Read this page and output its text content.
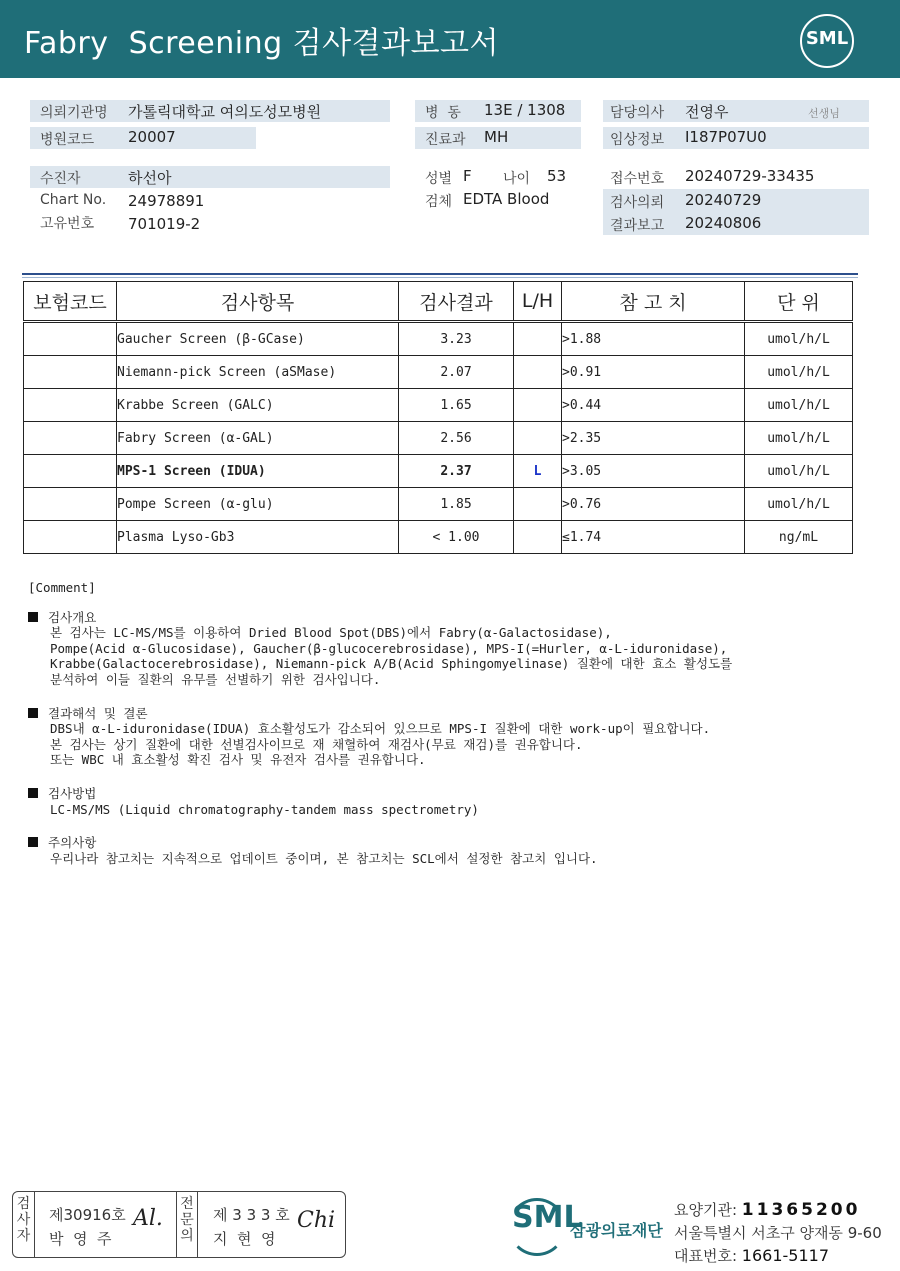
Fabry  Screening 검사결과보고서	SML
의뢰기관명 가톨릭대학교 여의도성모병원
병원코드 20007
병  동 13E / 1308
진료과 MH
담당의사 전영우	선생님
임상정보 I187P07U0
수진자	하선아
Chart No. 24978891
고유번호 701019-2
성별 F 나이 53
검체 EDTA Blood
접수번호 20240729-33435
검사의뢰 20240729
결과보고 20240806
보험코드	검사항목	검사결과	L/H	참 고 치	단 위
	Gaucher Screen (β-GCase)	3.23		>1.88	umol/h/L
	Niemann-pick Screen (aSMase)	2.07		>0.91	umol/h/L
	Krabbe Screen (GALC)	1.65		>0.44	umol/h/L
	Fabry Screen (α-GAL)	2.56		>2.35	umol/h/L
	MPS-1 Screen (IDUA)	2.37	L	>3.05	umol/h/L
	Pompe Screen (α-glu)	1.85		>0.76	umol/h/L
	Plasma Lyso-Gb3	< 1.00		≤1.74	ng/mL
[Comment]
검사개요
본 검사는 LC-MS/MS를 이용하여 Dried Blood Spot(DBS)에서 Fabry(α-Galactosidase),
Pompe(Acid α-Glucosidase), Gaucher(β-glucocerebrosidase), MPS-I(=Hurler, α-L-iduronidase),
Krabbe(Galactocerebrosidase), Niemann-pick A/B(Acid Sphingomyelinase) 질환에 대한 효소 활성도를
분석하여 이들 질환의 유무를 선별하기 위한 검사입니다.
결과해석 및 결론
DBS내 α-L-iduronidase(IDUA) 효소활성도가 감소되어 있으므로 MPS-I 질환에 대한 work-up이 필요합니다.
본 검사는 상기 질환에 대한 선별검사이므로 재 채혈하여 재검사(무료 재검)를 권유합니다.
또는 WBC 내 효소활성 확진 검사 및 유전자 검사를 권유합니다.
검사방법
LC-MS/MS (Liquid chromatography-tandem mass spectrometry)
주의사항
우리나라 참고치는 지속적으로 업데이트 중이며, 본 참고치는 SCL에서 설정한 참고치 입니다.
검
사
자
제30916호
박  영  주
Al.
전
문
의
제 3 3 3 호
지  현  영
Chi	SML
삼광의료재단
요양기관: 11365200
서울특별시 서초구 양재동 9-60
대표번호: 1661-5117
